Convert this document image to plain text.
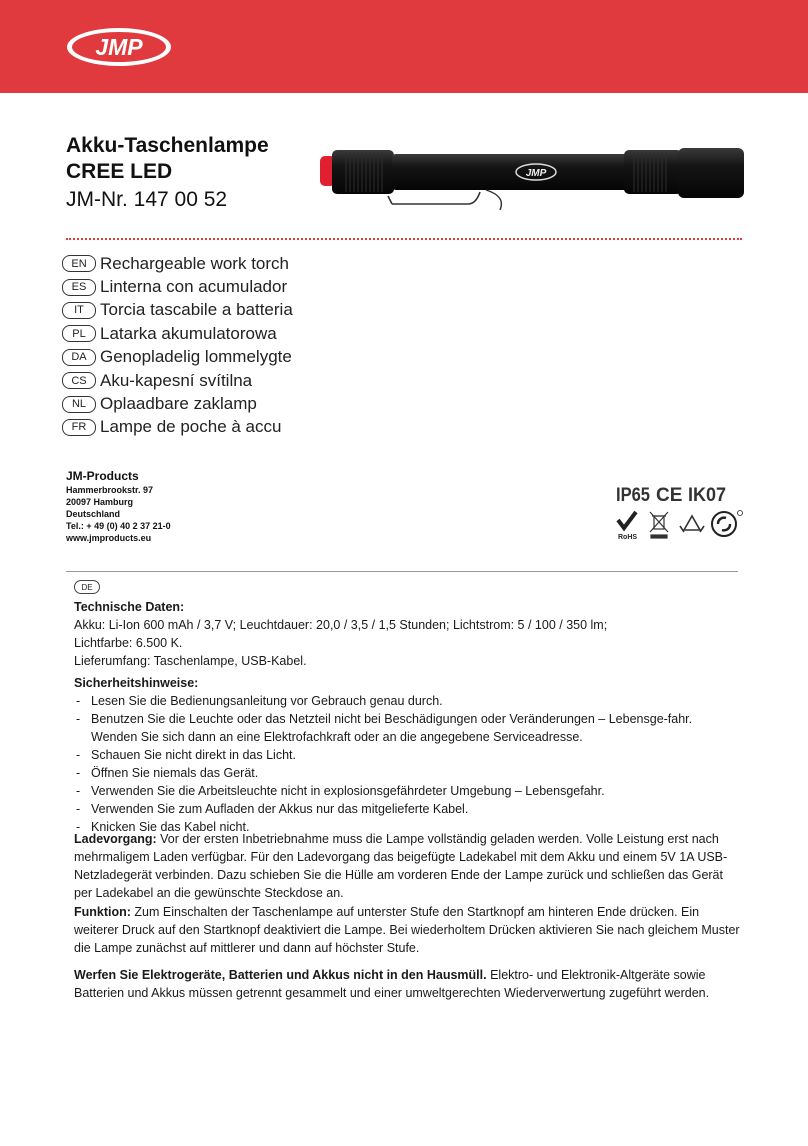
JMP
Akku-Taschenlampe
CREE LED
JM-Nr. 147 00 52
JMP
EN Rechargeable work torch
ES Linterna con acumulador
IT Torcia tascabile a batteria
PL Latarka akumulatorowa
DA Genopladelig lommelygte
CS Aku-kapesní svítilna
NL Oplaadbare zaklamp
FR Lampe de poche à accu
JM-Products
Hammerbrookstr. 97
20097 Hamburg
Deutschland
Tel.: + 49 (0) 40 2 37 21-0
www.jmproducts.eu
IP65 CE IK07
RoHS
DE
Technische Daten:
Akku: Li-Ion 600 mAh / 3,7 V; Leuchtdauer: 20,0 / 3,5 / 1,5 Stunden; Lichtstrom: 5 / 100 / 350 lm;
Lichtfarbe: 6.500 K.
Lieferumfang: Taschenlampe, USB-Kabel.
Sicherheitshinweise:
- Lesen Sie die Bedienungsanleitung vor Gebrauch genau durch.
- Benutzen Sie die Leuchte oder das Netzteil nicht bei Beschädigungen oder Veränderungen – Lebensge-fahr. Wenden Sie sich dann an eine Elektrofachkraft oder an die angegebene Serviceadresse.
- Schauen Sie nicht direkt in das Licht.
- Öffnen Sie niemals das Gerät.
- Verwenden Sie die Arbeitsleuchte nicht in explosionsgefährdeter Umgebung – Lebensgefahr.
- Verwenden Sie zum Aufladen der Akkus nur das mitgelieferte Kabel.
- Knicken Sie das Kabel nicht.
Ladevorgang: Vor der ersten Inbetriebnahme muss die Lampe vollständig geladen werden. Volle Leistung erst nach mehrmaligem Laden verfügbar. Für den Ladevorgang das beigefügte Ladekabel mit dem Akku und einem 5V 1A USB-Netzladegerät verbinden. Dazu schieben Sie die Hülle am vorderen Ende der Lampe zurück und schließen das Gerät per Ladekabel an die gewünschte Steckdose an.
Funktion: Zum Einschalten der Taschenlampe auf unterster Stufe den Startknopf am hinteren Ende drücken. Ein weiterer Druck auf den Startknopf deaktiviert die Lampe. Bei wiederholtem Drücken aktivieren Sie nach gleichem Muster die Lampe zunächst auf mittlerer und dann auf höchster Stufe.
Werfen Sie Elektrogeräte, Batterien und Akkus nicht in den Hausmüll. Elektro- und Elektronik-Altgeräte sowie Batterien und Akkus müssen getrennt gesammelt und einer umweltgerechten Wiederverwertung zugeführt werden.
